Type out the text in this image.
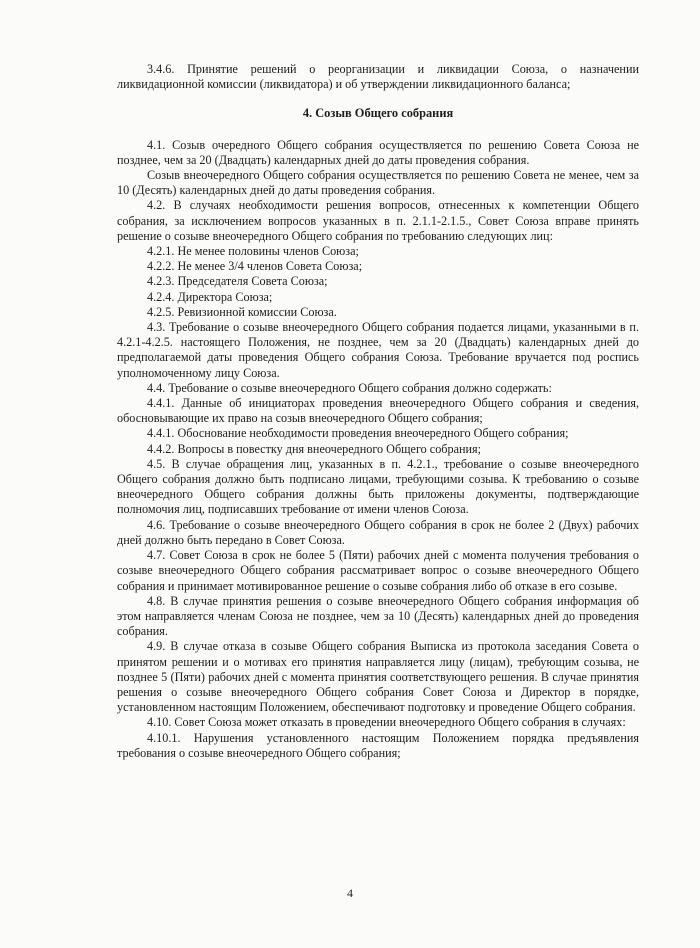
3.4.6. Принятие решений о реорганизации и ликвидации Союза, о назначении ликвидационной комиссии (ликвидатора) и об утверждении ликвидационного баланса;

4. Созыв Общего собрания

4.1. Созыв очередного Общего собрания осуществляется по решению Совета Союза не позднее, чем за 20 (Двадцать) календарных дней до даты проведения собрания.

Созыв внеочередного Общего собрания осуществляется по решению Совета не менее, чем за 10 (Десять) календарных дней до даты проведения собрания.

4.2. В случаях необходимости решения вопросов, отнесенных к компетенции Общего собрания, за исключением вопросов указанных в п. 2.1.1-2.1.5., Совет Союза вправе принять решение о созыве внеочередного Общего собрания по требованию следующих лиц:

4.2.1. Не менее половины членов Союза;

4.2.2. Не менее 3/4 членов Совета Союза;

4.2.3. Председателя Совета Союза;

4.2.4. Директора Союза;

4.2.5. Ревизионной комиссии Союза.

4.3. Требование о созыве внеочередного Общего собрания подается лицами, указанными в п. 4.2.1-4.2.5. настоящего Положения, не позднее, чем за 20 (Двадцать) календарных дней до предполагаемой даты проведения Общего собрания Союза. Требование вручается под роспись уполномоченному лицу Союза.

4.4. Требование о созыве внеочередного Общего собрания должно содержать:

4.4.1. Данные об инициаторах проведения внеочередного Общего собрания и сведения, обосновывающие их право на созыв внеочередного Общего собрания;

4.4.1. Обоснование необходимости проведения внеочередного Общего собрания;

4.4.2. Вопросы в повестку дня внеочередного Общего собрания;

4.5. В случае обращения лиц, указанных в п. 4.2.1., требование о созыве внеочередного Общего собрания должно быть подписано лицами, требующими созыва. К требованию о созыве внеочередного Общего собрания должны быть приложены документы, подтверждающие полномочия лиц, подписавших требование от имени членов Союза.

4.6. Требование о созыве внеочередного Общего собрания в срок не более 2 (Двух) рабочих дней должно быть передано в Совет Союза.

4.7. Совет Союза в срок не более 5 (Пяти) рабочих дней с момента получения требования о созыве внеочередного Общего собрания рассматривает вопрос о созыве внеочередного Общего собрания и принимает мотивированное решение о созыве собрания либо об отказе в его созыве.

4.8. В случае принятия решения о созыве внеочередного Общего собрания информация об этом направляется членам Союза не позднее, чем за 10 (Десять) календарных дней до проведения собрания.

4.9. В случае отказа в созыве Общего собрания Выписка из протокола заседания Совета о принятом решении и о мотивах его принятия направляется лицу (лицам), требующим созыва, не позднее 5 (Пяти) рабочих дней с момента принятия соответствующего решения. В случае принятия решения о созыве внеочередного Общего собрания Совет Союза и Директор в порядке, установленном настоящим Положением, обеспечивают подготовку и проведение Общего собрания.

4.10. Совет Союза может отказать в проведении внеочередного Общего собрания в случаях:

4.10.1. Нарушения установленного настоящим Положением порядка предъявления требования о созыве внеочередного Общего собрания;

4
